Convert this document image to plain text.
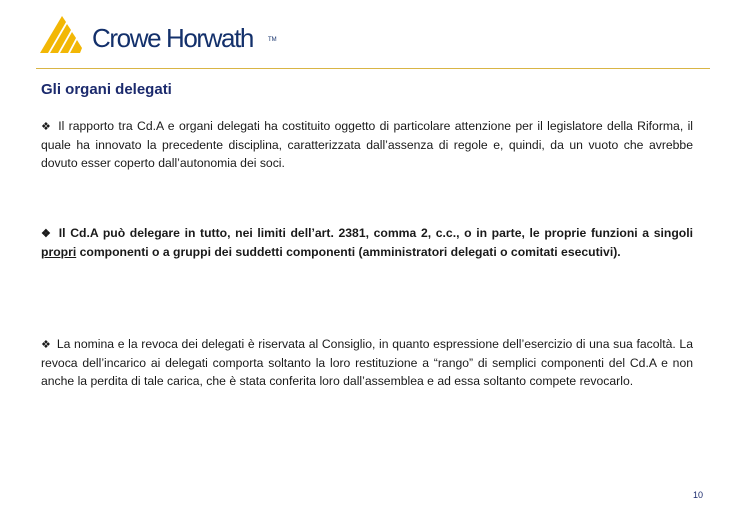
Crowe Horwath	TM
Gli organi delegati

❖ Il rapporto tra Cd.A e organi delegati ha costituito oggetto di particolare attenzione per il legislatore della Riforma, il quale ha innovato la precedente disciplina, caratterizzata dall’assenza di regole e, quindi, da un vuoto che avrebbe dovuto esser coperto dall’autonomia dei soci.

❖ Il Cd.A può delegare in tutto, nei limiti dell’art. 2381, comma 2, c.c., o in parte, le proprie funzioni a singoli propri componenti o a gruppi dei suddetti componenti (amministratori delegati o comitati esecutivi).

❖ La nomina e la revoca dei delegati è riservata al Consiglio, in quanto espressione dell’esercizio di una sua facoltà. La revoca dell’incarico ai delegati comporta soltanto la loro restituzione a “rango” di semplici componenti del Cd.A e non anche la perdita di tale carica, che è stata conferita loro dall’assemblea e ad essa soltanto compete revocarlo.

10
